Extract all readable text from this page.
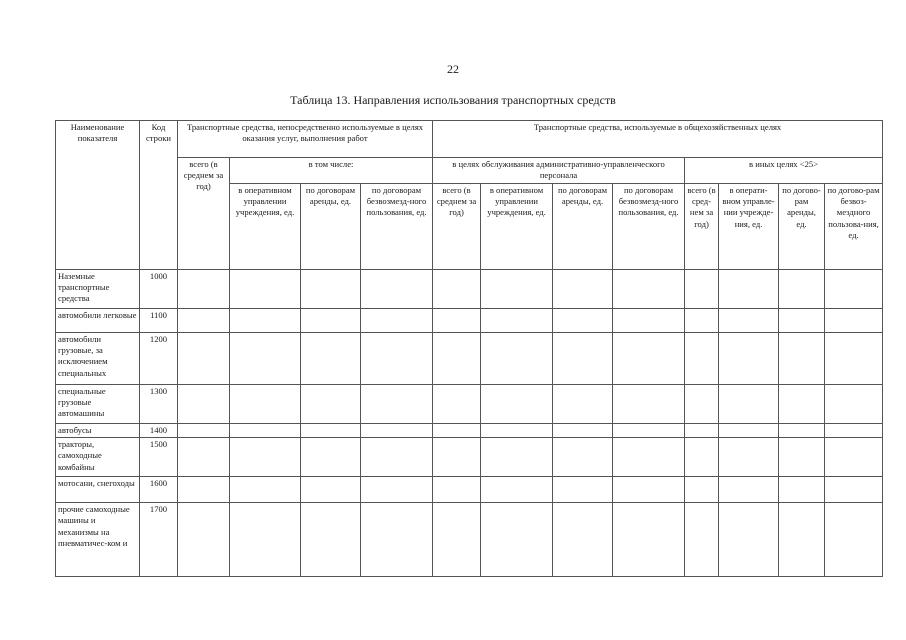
22
Таблица 13. Направления использования транспортных средств
Наименование показателя	Код строки	Транспортные средства, непосредственно используемые в целях оказания услуг, выполнения работ				Транспортные средства, используемые в общехозяйственных целях							
		всего (в среднем за год)	в том числе:			в целях обслуживания административно-управленческого персонала				в иных целях <25>			
			в оперативном управлении учреждения, ед.	по договорам аренды, ед.	по договорам безвозмезд-ного пользования, ед.	всего (в среднем за год)	в оперативном управлении учреждения, ед.	по договорам аренды, ед.	по договорам безвозмезд-ного пользования, ед.	всего (в сред-нем за год)	в операти-вном управле-нии учрежде-ния, ед.	по догово-рам аренды, ед.	по догово-рам безвоз-мездного пользова-ния, ед.
Наземные транспортные средства	1000												
автомобили легковые	1100												
автомобили грузовые, за исключением специальных	1200												
специальные грузовые автомашины	1300												
автобусы	1400												
тракторы, самоходные комбайны	1500												
мотосани, снегоходы	1600												
прочие самоходные машины и механизмы на пневматичес-ком и	1700												
